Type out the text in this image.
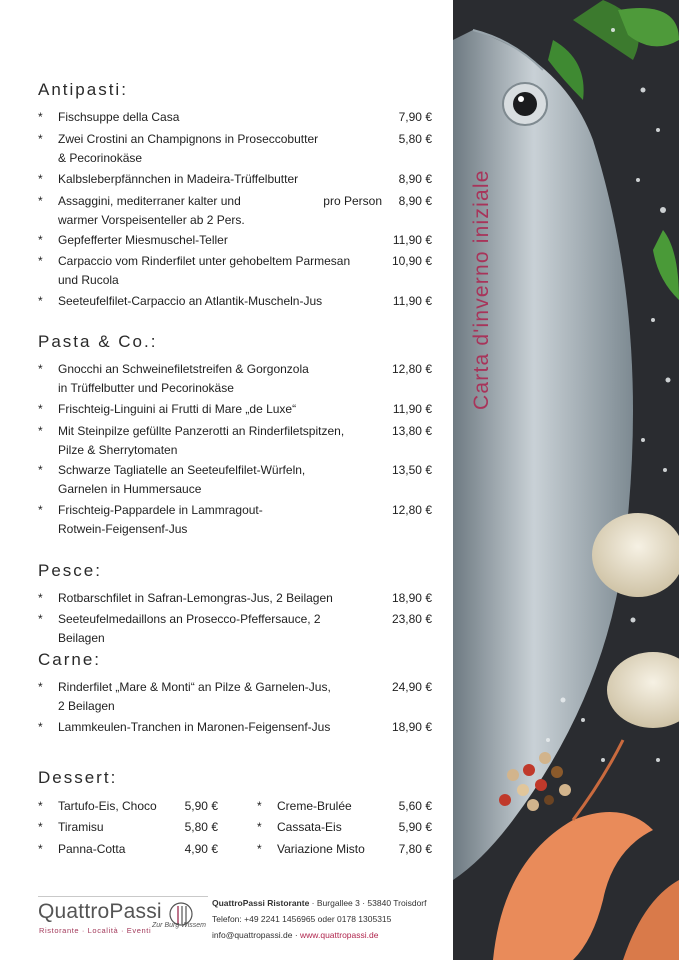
Antipasti:
*	Fischsuppe della Casa	7,90 €
*	Zwei Crostini an Champignons in Proseccobutter
& Pecorinokäse
5,80 €
*	Kalbsleberpfännchen in Madeira-Trüffelbutter	8,90 €
*	Assaggini, mediterraner kalter und
warmer Vorspeisenteller ab 2 Pers.
pro Person 8,90 €
*	Gepfefferter Miesmuschel-Teller	11,90 €
*	Carpaccio vom Rinderfilet unter gehobeltem Parmesan
und Rucola
10,90 €
*	Seeteufelfilet-Carpaccio an Atlantik-Muscheln-Jus	11,90 €
Pasta & Co.:
*	Gnocchi an Schweinefiletstreifen & Gorgonzola
in Trüffelbutter und Pecorinokäse
12,80 €
*	Frischteig-Linguini ai Frutti di Mare „de Luxe“	11,90 €
*	Mit Steinpilze gefüllte Panzerotti an Rinderfiletspitzen,
Pilze & Sherrytomaten
13,80 €
*	Schwarze Tagliatelle an Seeteufelfilet-Würfeln,
Garnelen in Hummersauce
13,50 €
*	Frischteig-Pappardele in Lammragout-
Rotwein-Feigensenf-Jus
12,80 €
Pesce:
*	Rotbarschfilet in Safran-Lemongras-Jus, 2 Beilagen	18,90 €
*	Seeteufelmedaillons an Prosecco-Pfeffersauce, 2 Beilagen
23,80 €
Carne:
*	Rinderfilet „Mare & Monti“ an Pilze & Garnelen-Jus,
2 Beilagen
24,90 €
*	Lammkeulen-Tranchen in Maronen-Feigensenf-Jus	18,90 €
Dessert:
* Tartufo-Eis, Choco 5,90 €
* Tiramisu	5,80 €
* Panna-Cotta	4,90 €
* Creme-Brulée	5,60 €
* Cassata-Eis	5,90 €
* Variazione Misto	7,80 €
QuattroPassi
Ristorante · Località · Eventi
Zur Burg Wissem
QuattroPassi Ristorante · Burgallee 3 · 53840 Troisdorf
Telefon: +49 2241 1456965 oder 0178 1305315
info@quattropassi.de · www.quattropassi.de
Carta d'inverno iniziale
